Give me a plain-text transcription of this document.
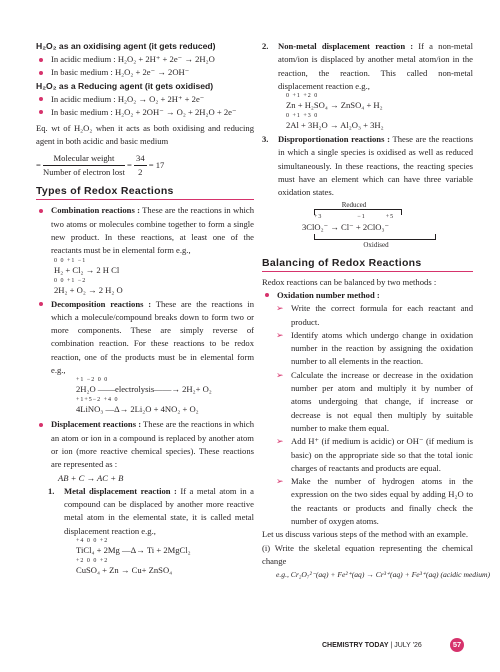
H₂O₂ as an oxidising agent (it gets reduced)
In acidic medium : H₂O₂ + 2H⁺ + 2e⁻ → 2H₂O
In basic medium : H₂O₂ + 2e⁻ → 2OH⁻
H₂O₂ as a Reducing agent (it gets oxidised)
In acidic medium : H₂O₂ → O₂ + 2H⁺ + 2e⁻
In basic medium : H₂O₂ + 2OH⁻ → O₂ + 2H₂O + 2e⁻

Eq. wt of H₂O₂ when it acts as both oxidising and reducing agent in both acidic and basic medium

= $\frac{\text{Molecular weight}}{\text{Number of electron lost}} = \frac{34}{2} = 17$
Types of Redox Reactions
Combination reactions : These are the reactions in which two atoms or molecules combine together to form a single new product. In these reactions, at least one of the reactants must be in elemental form e.g.,
0 0 +1 −1
H₂ + Cl₂ → 2 H Cl
0 0 +1 −2
2H₂ + O₂ → 2 H₂ O
Decomposition reactions : These are the reactions in which a molecule/compound breaks down to form two or more components. These are simply reverse of combination reaction. For these reactions to be redox reaction, one of the products must be in elemental form e.g.,
+1 −2 0 0
2H₂O ——electrolysis——→ 2H₂+ O₂
+1+5−2 +4 0
4LiNO₃ —Δ→ 2Li₂O + 4NO₂ + O₂
Displacement reactions : These are the reactions in which an atom or ion in a compound is replaced by another atom or ion (more reactive chemical species). These reactions are represented as :
AB + C → AC + B
1. Metal displacement reaction : If a metal atom in a compound can be displaced by another more reactive metal atom in the elemental state, it is called metal displacement reaction e.g.,
+4 0 0 +2
TiCl₄ + 2Mg —Δ→ Ti + 2MgCl₂
+2 0 0 +2
CuSO₄ + Zn → Cu+ ZnSO₄
2. Non-metal displacement reaction : If a non-metal atom/ion is displaced by another metal atom/ion in the reaction, the reaction. This called non-metal displacement reaction e.g.,
0 +1 +2 0
Zn + H₂SO₄ → ZnSO₄ + H₂
0 +1 +3 0
2Al + 3H₂O → Al₂O₃ + 3H₂
3. Disproportionation reactions : These are the reactions in which a single species is oxidised as well as reduced simultaneously. In these reactions, the reacting species must have an element which can have three variable oxidation states.
Reduced
+3              −1        +5
3ClO₂⁻ → Cl⁻ + 2ClO₃⁻
Oxidised
Balancing of Redox Reactions
Redox reactions can be balanced by two methods :
Oxidation number method :
➢ Write the correct formula for each reactant and product.
➢ Identify atoms which undergo change in oxidation number in the reaction by assigning the oxidation number to all elements in the reaction.
➢ Calculate the increase or decrease in the oxidation number per atom and multiply it by number of atoms undergoing that change, if increase or decrease is not equal then multiply by suitable number to make them equal.
➢ Add H⁺ (if medium is acidic) or OH⁻ (if medium is basic) on the appropriate side so that the total ionic charges of reactants and products are equal.
➢ Make the number of hydrogen atoms in the expression on the two sides equal by adding H₂O to the reactants or products and finally check the number of oxygen atoms.
Let us discuss various steps of the method with an example.
(i) Write the skeletal equation representing the chemical change
e.g., Cr₂O₇²⁻(aq) + Fe²⁺(aq) → Cr³⁺(aq) + Fe³⁺(aq) (acidic medium)
CHEMISTRY TODAY | JULY '26	57
